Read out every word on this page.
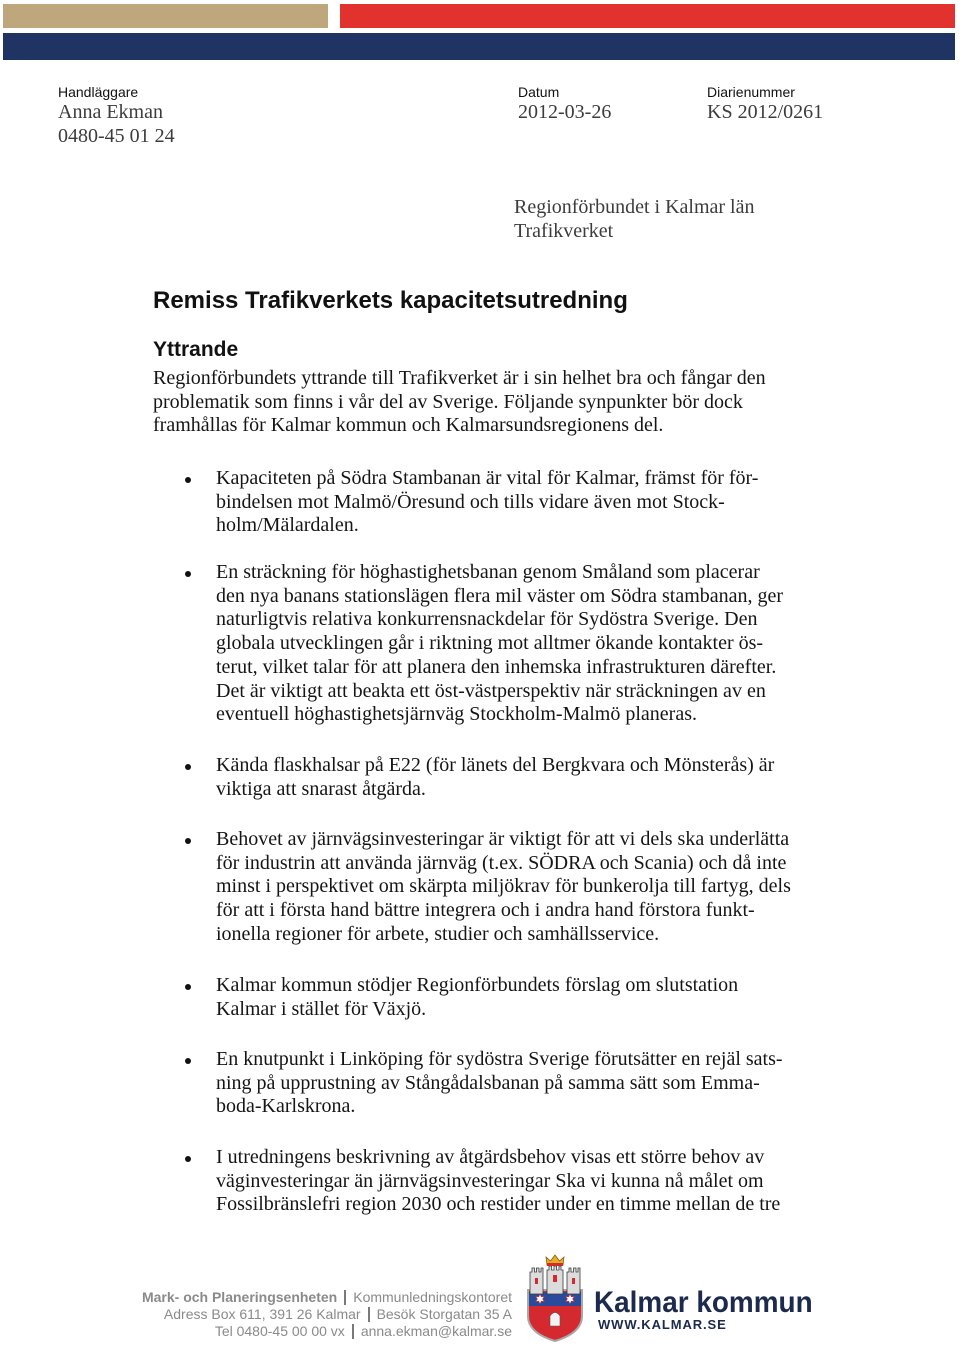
Handläggare
Anna Ekman
0480-45 01 24
Datum
2012-03-26
Diarienummer
KS 2012/0261
Regionförbundet i Kalmar län
Trafikverket
Remiss Trafikverkets kapacitetsutredning
Yttrande
Regionförbundets yttrande till Trafikverket är i sin helhet bra och fångar den
problematik som finns i vår del av Sverige. Följande synpunkter bör dock
framhållas för Kalmar kommun och Kalmarsundsregionens del.
Kapaciteten på Södra Stambanan är vital för Kalmar, främst för för-
bindelsen mot Malmö/Öresund och tills vidare även mot Stock-
holm/Mälardalen.
En sträckning för höghastighetsbanan genom Småland som placerar
den nya banans stationslägen flera mil väster om Södra stambanan, ger
naturligtvis relativa konkurrensnackdelar för Sydöstra Sverige. Den
globala utvecklingen går i riktning mot alltmer ökande kontakter ös-
terut, vilket talar för att planera den inhemska infrastrukturen därefter.
Det är viktigt att beakta ett öst-västperspektiv när sträckningen av en
eventuell höghastighetsjärnväg Stockholm-Malmö planeras.
Kända flaskhalsar på E22 (för länets del Bergkvara och Mönsterås) är
viktiga att snarast åtgärda.
Behovet av järnvägsinvesteringar är viktigt för att vi dels ska underlätta
för industrin att använda järnväg (t.ex. SÖDRA och Scania) och då inte
minst i perspektivet om skärpta miljökrav för bunkerolja till fartyg, dels
för att i första hand bättre integrera och i andra hand förstora funkt-
ionella regioner för arbete, studier och samhällsservice.
Kalmar kommun stödjer Regionförbundets förslag om slutstation
Kalmar i stället för Växjö.
En knutpunkt i Linköping för sydöstra Sverige förutsätter en rejäl sats-
ning på upprustning av Stångådalsbanan på samma sätt som Emma-
boda-Karlskrona.
I utredningens beskrivning av åtgärdsbehov visas ett större behov av
väginvesteringar än järnvägsinvesteringar Ska vi kunna nå målet om
Fossilbränslefri region 2030 och restider under en timme mellan de tre
Mark- och Planeringsenheten Kommunledningskontoret
Adress Box 611, 391 26 Kalmar Besök Storgatan 35 A
Tel 0480-45 00 00 vx anna.ekman@kalmar.se
Kalmar kommun
WWW.KALMAR.SE
